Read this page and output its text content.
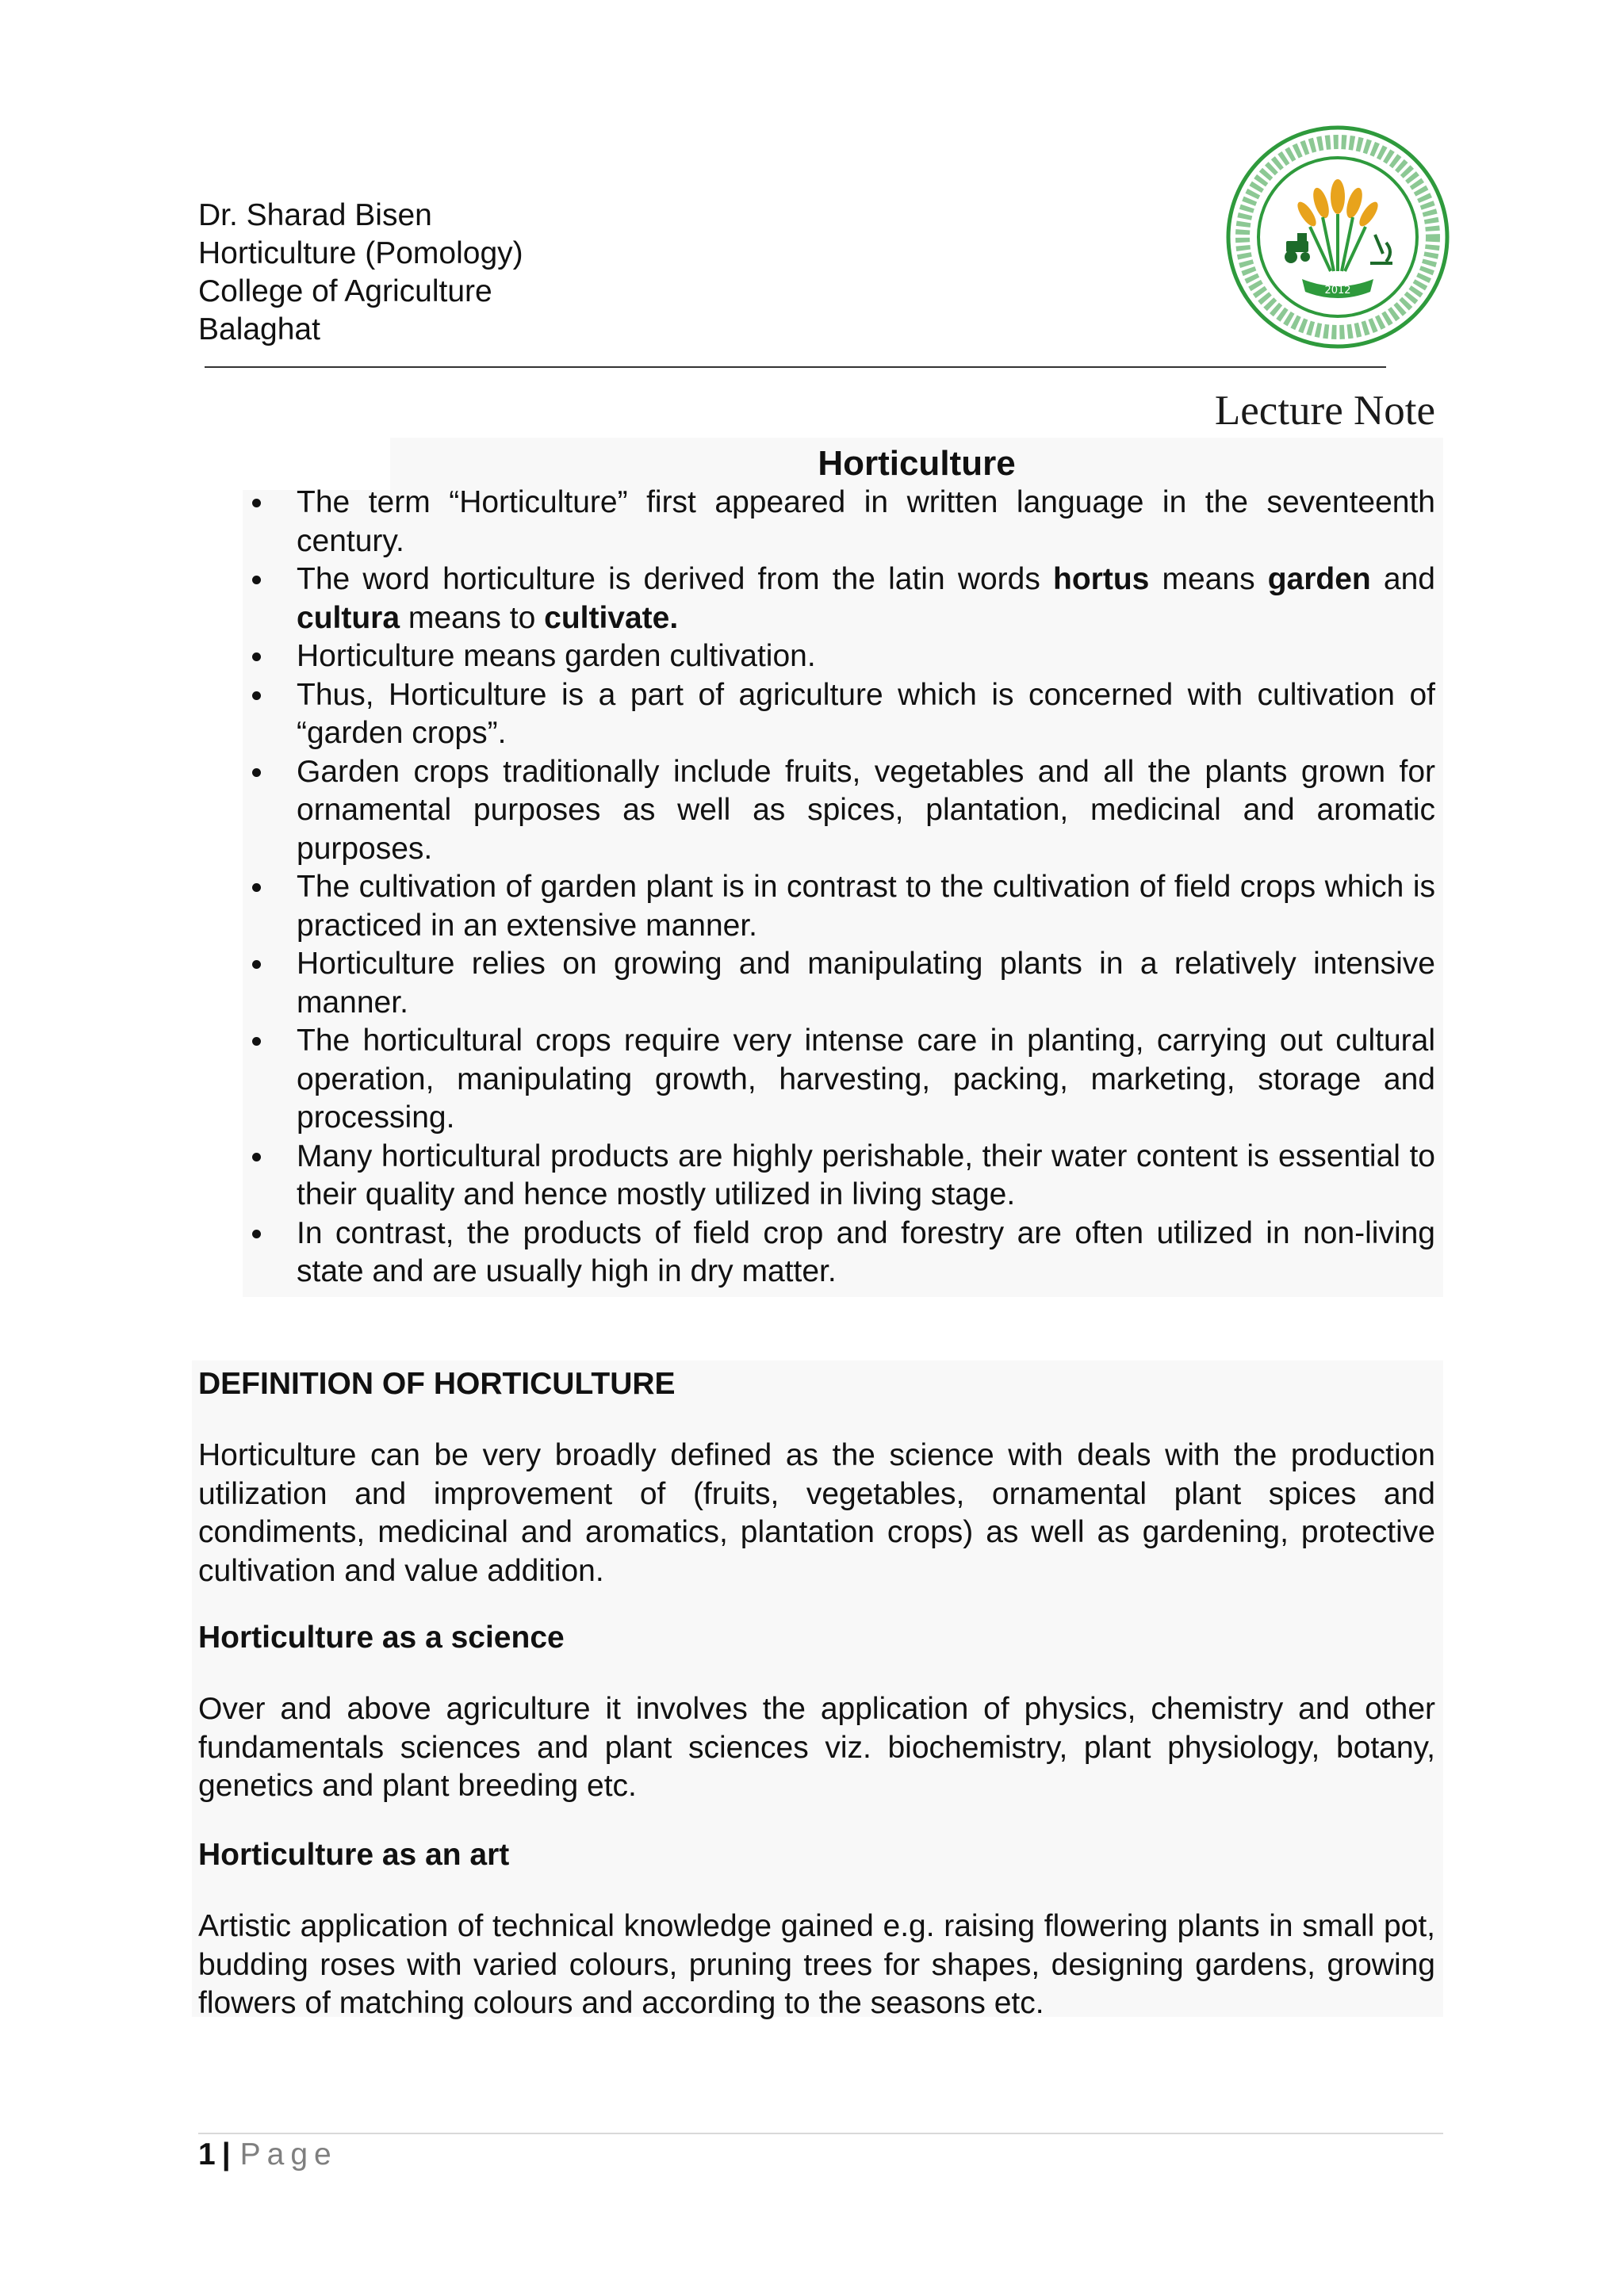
Dr. Sharad Bisen
Horticulture (Pomology)
College of Agriculture
Balaghat
2012
Lecture Note
Horticulture
The term “Horticulture” first appeared in written language in the seventeenth century.
The word horticulture is derived from the latin words hortus means garden and cultura means to cultivate.
Horticulture means garden cultivation.
Thus, Horticulture is a part of agriculture which is concerned with cultivation of “garden crops”.
Garden crops traditionally include fruits, vegetables and all the plants grown for ornamental purposes as well as spices, plantation, medicinal and aromatic purposes.
The cultivation of garden plant is in contrast to the cultivation of field crops which is practiced in an extensive manner.
Horticulture relies on growing and manipulating plants in a relatively intensive manner.
The horticultural crops require very intense care in planting, carrying out cultural operation, manipulating growth, harvesting, packing, marketing, storage and processing.
Many horticultural products are highly perishable, their water content is essential to their quality and hence mostly utilized in living stage.
In contrast, the products of field crop and forestry are often utilized in non-living state and are usually high in dry matter.
DEFINITION OF HORTICULTURE
Horticulture can be very broadly defined as the science with deals with the production utilization and improvement of (fruits, vegetables, ornamental plant spices and condiments, medicinal and aromatics, plantation crops) as well as gardening, protective cultivation and value addition.
Horticulture as a science
Over and above agriculture it involves the application of physics, chemistry and other fundamentals sciences and plant sciences viz. biochemistry, plant physiology, botany, genetics and plant breeding etc.
Horticulture as an art
Artistic application of technical knowledge gained e.g. raising flowering plants in small pot, budding roses with varied colours, pruning trees for shapes, designing gardens, growing flowers of matching colours and according to the seasons etc.
1 | Page
